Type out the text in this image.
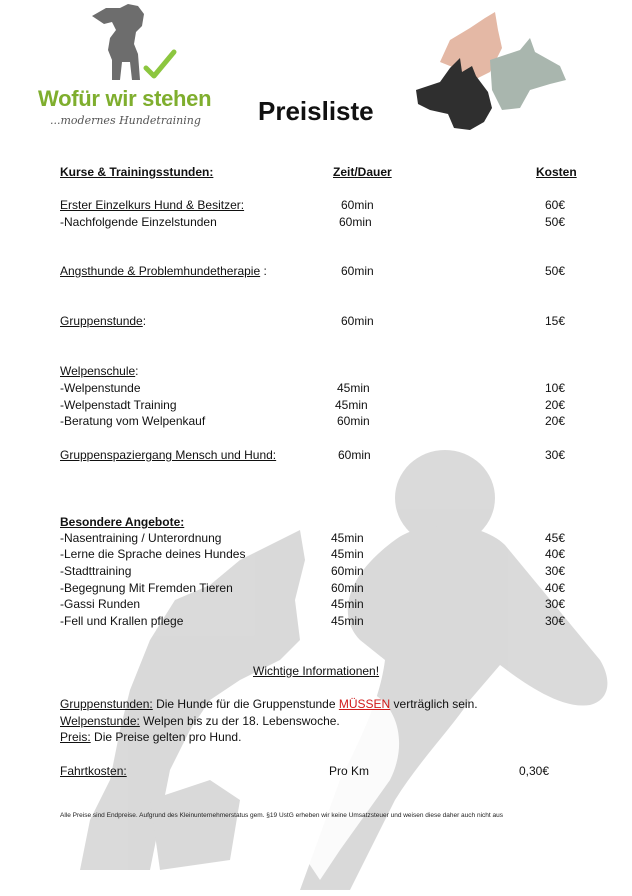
Wofür wir stehen
...modernes Hundetraining Preisliste
Kurse & Trainingsstunden:	Zeit/Dauer	Kosten
Erster Einzelkurs Hund & Besitzer:	60min	60€
-Nachfolgende Einzelstunden	60min	50€
Angsthunde & Problemhundetherapie :	60min	50€
Gruppenstunde:	60min	15€
Welpenschule:
-Welpenstunde	45min	10€
-Welpenstadt Training	45min	20€
-Beratung vom Welpenkauf	60min	20€
Gruppenspaziergang Mensch und Hund:	60min	30€
Besondere Angebote:
-Nasentraining / Unterordnung	45min	45€
-Lerne die Sprache deines Hundes	45min	40€
-Stadttraining	60min	30€
-Begegnung Mit Fremden Tieren	60min	40€
-Gassi Runden	45min	30€
-Fell und Krallen pflege	45min	30€
Wichtige Informationen!
Gruppenstunden: Die Hunde für die Gruppenstunde MÜSSEN verträglich sein.
Welpenstunde: Welpen bis zu der 18. Lebenswoche.
Preis: Die Preise gelten pro Hund.
Fahrtkosten:	Pro Km	0,30€
Alle Preise sind Endpreise. Aufgrund des Kleinunternehmerstatus gem. §19 UstG erheben wir keine Umsatzsteuer und weisen diese daher auch nicht aus
